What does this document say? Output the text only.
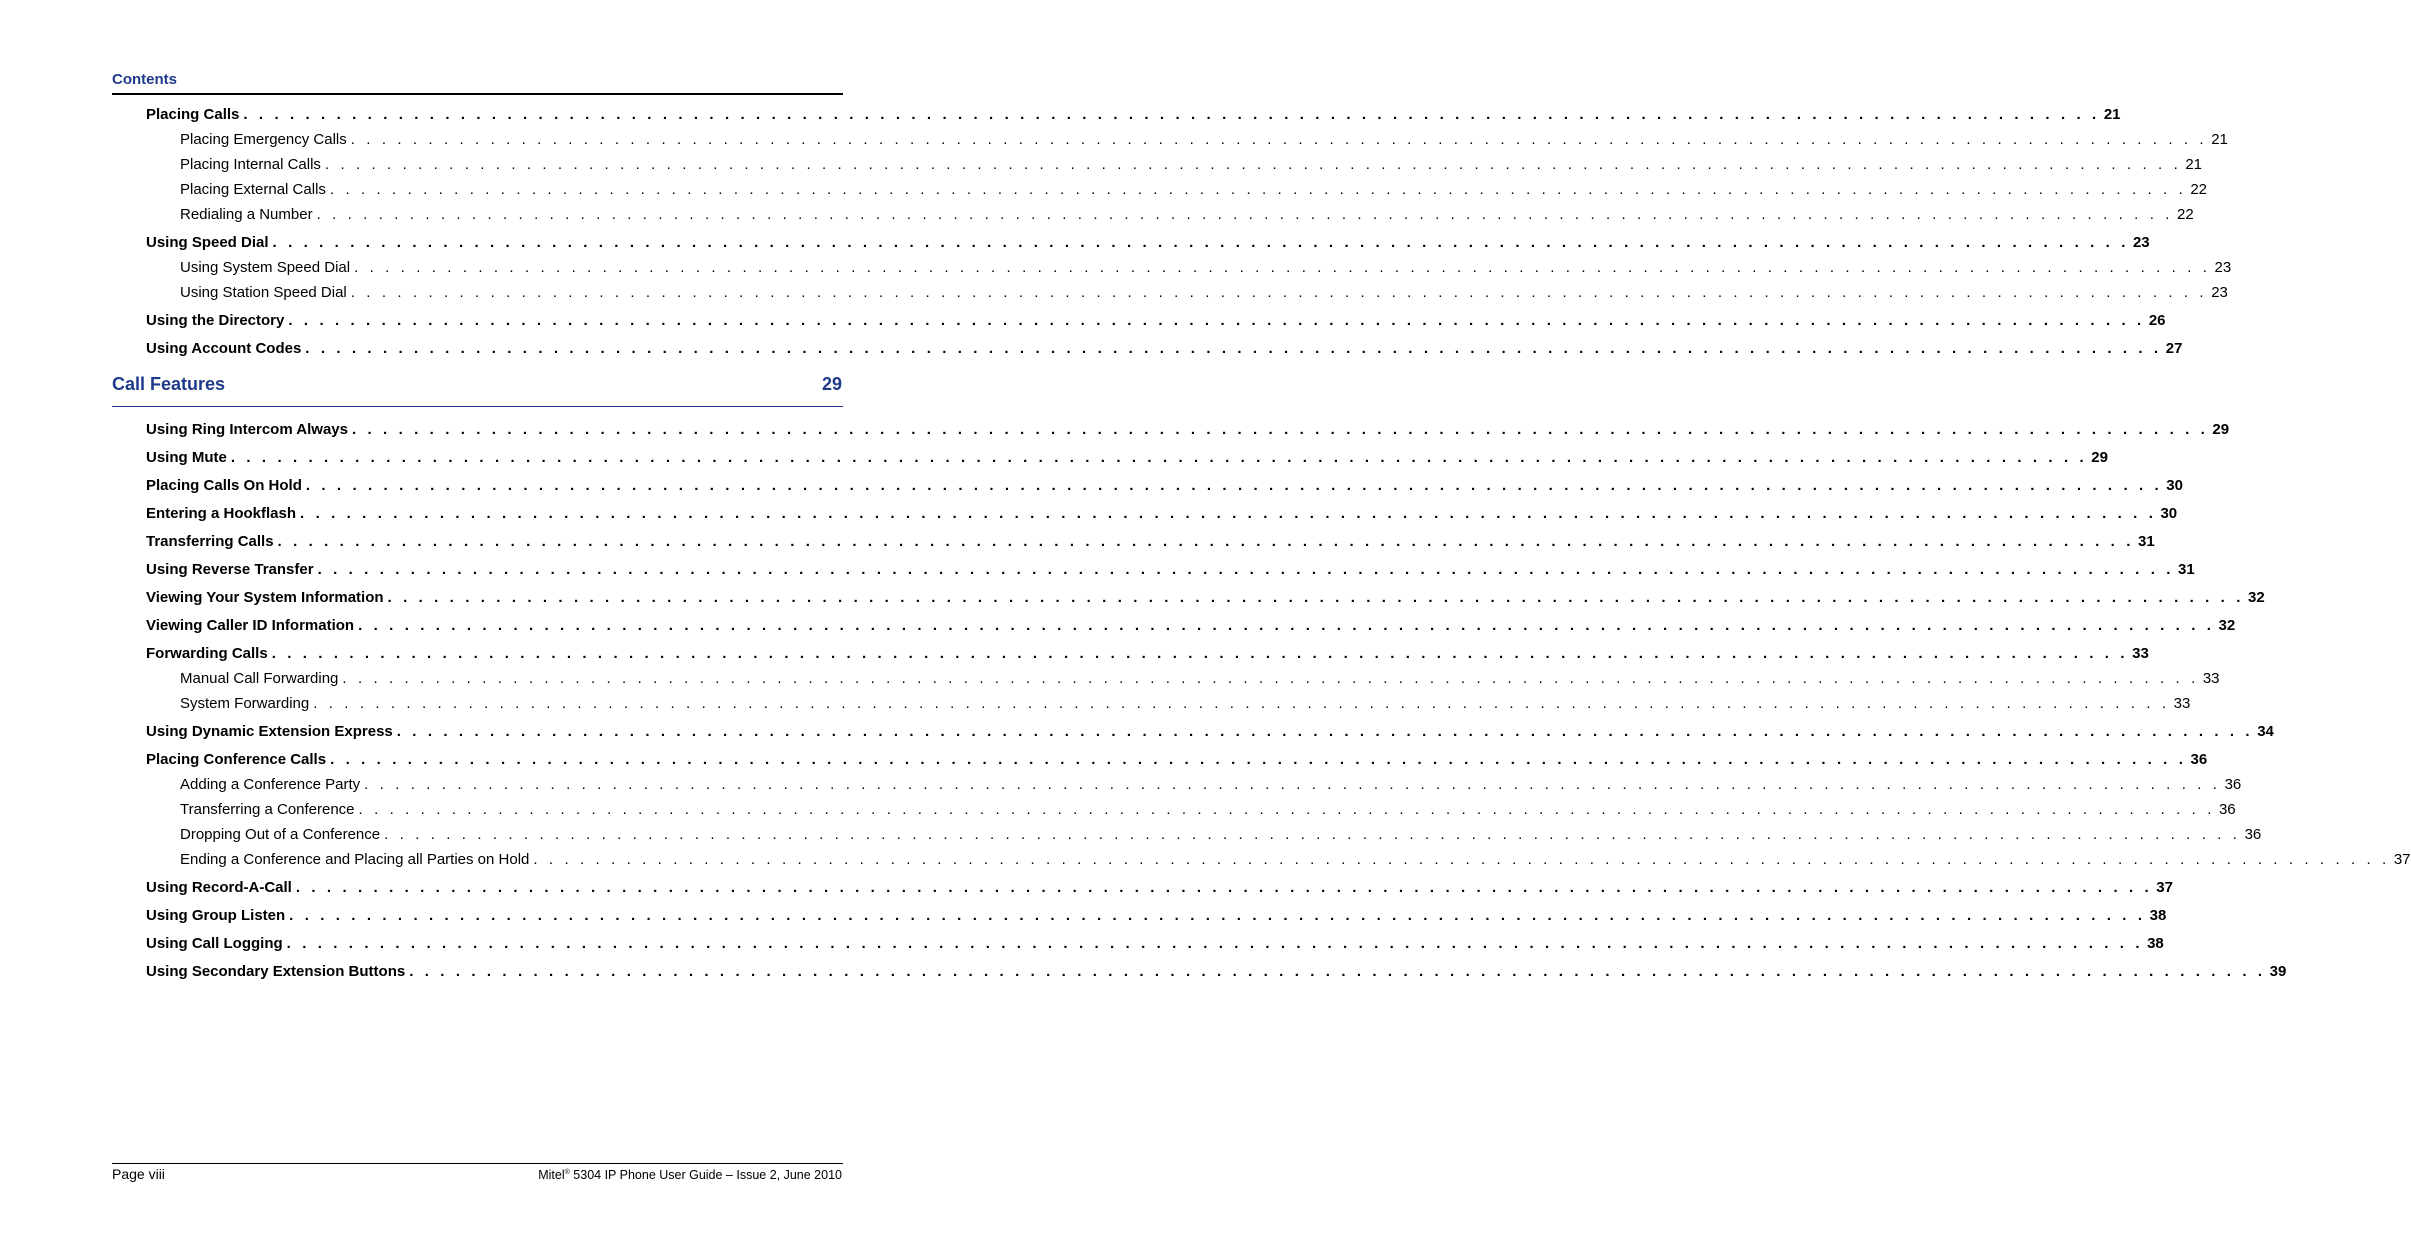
Contents
Placing Calls . . . . . . . . . . . . . . . . . . . . . . . . . . . . . . . . . . . . . . . . . . . . . . . . . . . . . . . . . . . . . . . . . . . . . . . . . . . . . . . . . . . . . . . . . . . . . . . . . . . . . . . . . . . . . . . . . . . . . . . . 21
Placing Emergency Calls . . . . . . . . . . . . . . . . . . . . . . . . . . . . . . . . . . . . . . . . . . . . . . . . . . . . . . . . . . . . . . . . . . . . . . . . . . . . . . . . . . . . . . . . . . . . . . . . . . . . . . . . . . . . . . . . . . . . . . . . 21
Placing Internal Calls . . . . . . . . . . . . . . . . . . . . . . . . . . . . . . . . . . . . . . . . . . . . . . . . . . . . . . . . . . . . . . . . . . . . . . . . . . . . . . . . . . . . . . . . . . . . . . . . . . . . . . . . . . . . . . . . . . . . . . . . 21
Placing External Calls . . . . . . . . . . . . . . . . . . . . . . . . . . . . . . . . . . . . . . . . . . . . . . . . . . . . . . . . . . . . . . . . . . . . . . . . . . . . . . . . . . . . . . . . . . . . . . . . . . . . . . . . . . . . . . . . . . . . . . . . 22
Redialing a Number . . . . . . . . . . . . . . . . . . . . . . . . . . . . . . . . . . . . . . . . . . . . . . . . . . . . . . . . . . . . . . . . . . . . . . . . . . . . . . . . . . . . . . . . . . . . . . . . . . . . . . . . . . . . . . . . . . . . . . . . 22
Using Speed Dial . . . . . . . . . . . . . . . . . . . . . . . . . . . . . . . . . . . . . . . . . . . . . . . . . . . . . . . . . . . . . . . . . . . . . . . . . . . . . . . . . . . . . . . . . . . . . . . . . . . . . . . . . . . . . . . . . . . . . . . . 23
Using System Speed Dial . . . . . . . . . . . . . . . . . . . . . . . . . . . . . . . . . . . . . . . . . . . . . . . . . . . . . . . . . . . . . . . . . . . . . . . . . . . . . . . . . . . . . . . . . . . . . . . . . . . . . . . . . . . . . . . . . . . . . . . . 23
Using Station Speed Dial . . . . . . . . . . . . . . . . . . . . . . . . . . . . . . . . . . . . . . . . . . . . . . . . . . . . . . . . . . . . . . . . . . . . . . . . . . . . . . . . . . . . . . . . . . . . . . . . . . . . . . . . . . . . . . . . . . . . . . . . 23
Using the Directory . . . . . . . . . . . . . . . . . . . . . . . . . . . . . . . . . . . . . . . . . . . . . . . . . . . . . . . . . . . . . . . . . . . . . . . . . . . . . . . . . . . . . . . . . . . . . . . . . . . . . . . . . . . . . . . . . . . . . . . . 26
Using Account Codes . . . . . . . . . . . . . . . . . . . . . . . . . . . . . . . . . . . . . . . . . . . . . . . . . . . . . . . . . . . . . . . . . . . . . . . . . . . . . . . . . . . . . . . . . . . . . . . . . . . . . . . . . . . . . . . . . . . . . . . . 27
Call Features	29
Using Ring Intercom Always . . . . . . . . . . . . . . . . . . . . . . . . . . . . . . . . . . . . . . . . . . . . . . . . . . . . . . . . . . . . . . . . . . . . . . . . . . . . . . . . . . . . . . . . . . . . . . . . . . . . . . . . . . . . . . . . . . . . . . . . 29
Using Mute . . . . . . . . . . . . . . . . . . . . . . . . . . . . . . . . . . . . . . . . . . . . . . . . . . . . . . . . . . . . . . . . . . . . . . . . . . . . . . . . . . . . . . . . . . . . . . . . . . . . . . . . . . . . . . . . . . . . . . . . 29
Placing Calls On Hold . . . . . . . . . . . . . . . . . . . . . . . . . . . . . . . . . . . . . . . . . . . . . . . . . . . . . . . . . . . . . . . . . . . . . . . . . . . . . . . . . . . . . . . . . . . . . . . . . . . . . . . . . . . . . . . . . . . . . . . . 30
Entering a Hookflash . . . . . . . . . . . . . . . . . . . . . . . . . . . . . . . . . . . . . . . . . . . . . . . . . . . . . . . . . . . . . . . . . . . . . . . . . . . . . . . . . . . . . . . . . . . . . . . . . . . . . . . . . . . . . . . . . . . . . . . . 30
Transferring Calls . . . . . . . . . . . . . . . . . . . . . . . . . . . . . . . . . . . . . . . . . . . . . . . . . . . . . . . . . . . . . . . . . . . . . . . . . . . . . . . . . . . . . . . . . . . . . . . . . . . . . . . . . . . . . . . . . . . . . . . . 31
Using Reverse Transfer . . . . . . . . . . . . . . . . . . . . . . . . . . . . . . . . . . . . . . . . . . . . . . . . . . . . . . . . . . . . . . . . . . . . . . . . . . . . . . . . . . . . . . . . . . . . . . . . . . . . . . . . . . . . . . . . . . . . . . . . 31
Viewing Your System Information . . . . . . . . . . . . . . . . . . . . . . . . . . . . . . . . . . . . . . . . . . . . . . . . . . . . . . . . . . . . . . . . . . . . . . . . . . . . . . . . . . . . . . . . . . . . . . . . . . . . . . . . . . . . . . . . . . . . . . . . 32
Viewing Caller ID Information . . . . . . . . . . . . . . . . . . . . . . . . . . . . . . . . . . . . . . . . . . . . . . . . . . . . . . . . . . . . . . . . . . . . . . . . . . . . . . . . . . . . . . . . . . . . . . . . . . . . . . . . . . . . . . . . . . . . . . . . 32
Forwarding Calls . . . . . . . . . . . . . . . . . . . . . . . . . . . . . . . . . . . . . . . . . . . . . . . . . . . . . . . . . . . . . . . . . . . . . . . . . . . . . . . . . . . . . . . . . . . . . . . . . . . . . . . . . . . . . . . . . . . . . . . . 33
Manual Call Forwarding . . . . . . . . . . . . . . . . . . . . . . . . . . . . . . . . . . . . . . . . . . . . . . . . . . . . . . . . . . . . . . . . . . . . . . . . . . . . . . . . . . . . . . . . . . . . . . . . . . . . . . . . . . . . . . . . . . . . . . . . 33
System Forwarding . . . . . . . . . . . . . . . . . . . . . . . . . . . . . . . . . . . . . . . . . . . . . . . . . . . . . . . . . . . . . . . . . . . . . . . . . . . . . . . . . . . . . . . . . . . . . . . . . . . . . . . . . . . . . . . . . . . . . . . . 33
Using Dynamic Extension Express . . . . . . . . . . . . . . . . . . . . . . . . . . . . . . . . . . . . . . . . . . . . . . . . . . . . . . . . . . . . . . . . . . . . . . . . . . . . . . . . . . . . . . . . . . . . . . . . . . . . . . . . . . . . . . . . . . . . . . . . 34
Placing Conference Calls . . . . . . . . . . . . . . . . . . . . . . . . . . . . . . . . . . . . . . . . . . . . . . . . . . . . . . . . . . . . . . . . . . . . . . . . . . . . . . . . . . . . . . . . . . . . . . . . . . . . . . . . . . . . . . . . . . . . . . . . 36
Adding a Conference Party . . . . . . . . . . . . . . . . . . . . . . . . . . . . . . . . . . . . . . . . . . . . . . . . . . . . . . . . . . . . . . . . . . . . . . . . . . . . . . . . . . . . . . . . . . . . . . . . . . . . . . . . . . . . . . . . . . . . . . . . 36
Transferring a Conference . . . . . . . . . . . . . . . . . . . . . . . . . . . . . . . . . . . . . . . . . . . . . . . . . . . . . . . . . . . . . . . . . . . . . . . . . . . . . . . . . . . . . . . . . . . . . . . . . . . . . . . . . . . . . . . . . . . . . . . . 36
Dropping Out of a Conference . . . . . . . . . . . . . . . . . . . . . . . . . . . . . . . . . . . . . . . . . . . . . . . . . . . . . . . . . . . . . . . . . . . . . . . . . . . . . . . . . . . . . . . . . . . . . . . . . . . . . . . . . . . . . . . . . . . . . . . . 36
Ending a Conference and Placing all Parties on Hold . . . . . . . . . . . . . . . . . . . . . . . . . . . . . . . . . . . . . . . . . . . . . . . . . . . . . . . . . . . . . . . . . . . . . . . . . . . . . . . . . . . . . . . . . . . . . . . . . . . . . . . . . . . . . . . . . . . . . . . . 37
Using Record-A-Call . . . . . . . . . . . . . . . . . . . . . . . . . . . . . . . . . . . . . . . . . . . . . . . . . . . . . . . . . . . . . . . . . . . . . . . . . . . . . . . . . . . . . . . . . . . . . . . . . . . . . . . . . . . . . . . . . . . . . . . . 37
Using Group Listen . . . . . . . . . . . . . . . . . . . . . . . . . . . . . . . . . . . . . . . . . . . . . . . . . . . . . . . . . . . . . . . . . . . . . . . . . . . . . . . . . . . . . . . . . . . . . . . . . . . . . . . . . . . . . . . . . . . . . . . . 38
Using Call Logging . . . . . . . . . . . . . . . . . . . . . . . . . . . . . . . . . . . . . . . . . . . . . . . . . . . . . . . . . . . . . . . . . . . . . . . . . . . . . . . . . . . . . . . . . . . . . . . . . . . . . . . . . . . . . . . . . . . . . . . . 38
Using Secondary Extension Buttons . . . . . . . . . . . . . . . . . . . . . . . . . . . . . . . . . . . . . . . . . . . . . . . . . . . . . . . . . . . . . . . . . . . . . . . . . . . . . . . . . . . . . . . . . . . . . . . . . . . . . . . . . . . . . . . . . . . . . . . . 39
Page viii	Mitel® 5304 IP Phone User Guide – Issue 2, June 2010
